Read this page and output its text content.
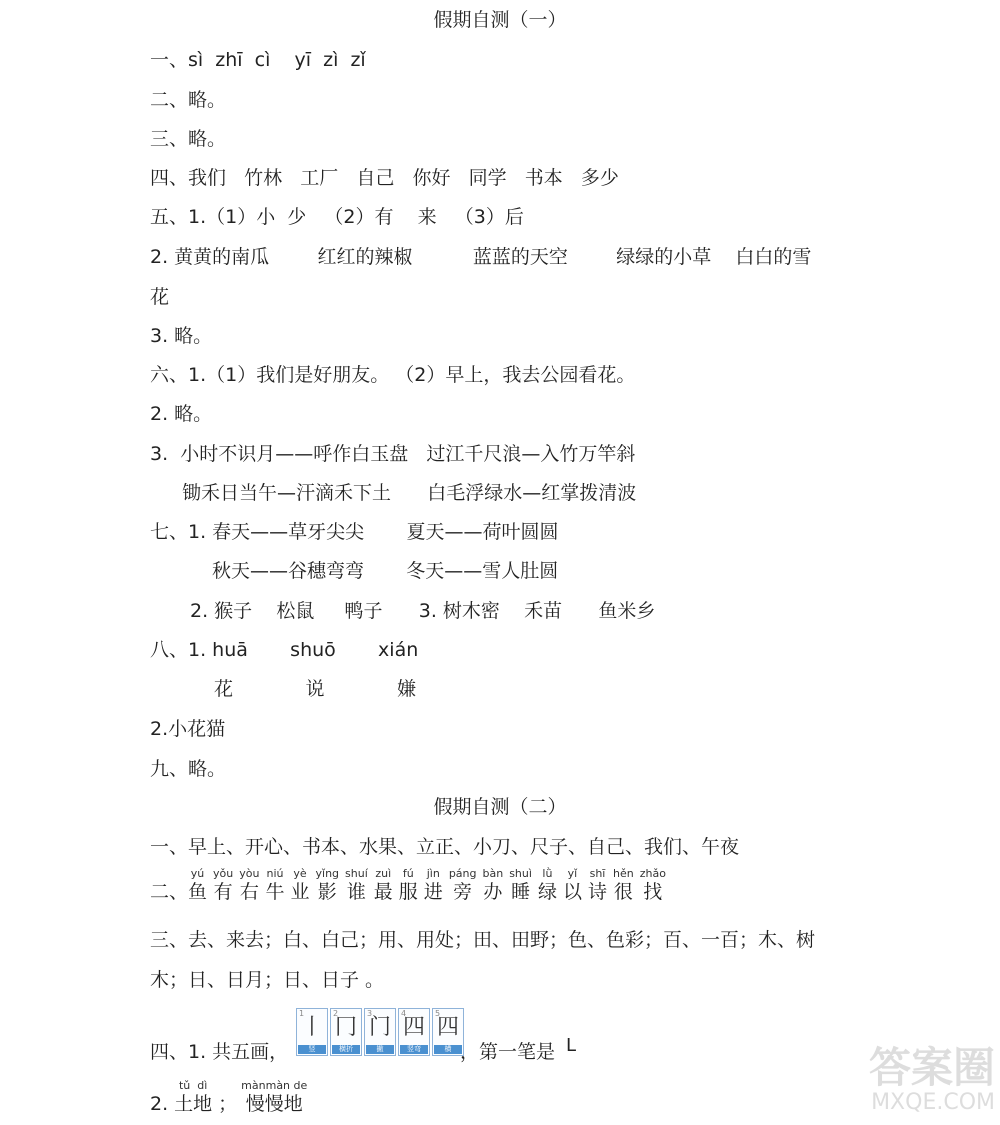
假期自测（一）
一、sì  zhī  cì    yī  zì  zǐ
二、略。
三、略。
四、我们   竹林   工厂   自己   你好   同学   书本   多少
五、1.（1）小  少   （2）有    来   （3）后
2. 黄黄的南瓜        红红的辣椒          蓝蓝的天空        绿绿的小草    白白的雪
花
3. 略。
六、1.（1）我们是好朋友。 （2）早上，我去公园看花。
2. 略。
3.  小时不识月——呼作白玉盘   过江千尺浪—入竹万竿斜
锄禾日当午—汗滴禾下土      白毛浮绿水—红掌拨清波
七、1. 春天——草牙尖尖       夏天——荷叶圆圆
秋天——谷穗弯弯       冬天——雪人肚圆
2. 猴子    松鼠     鸭子      3. 树木密    禾苗      鱼米乡
八、1. huā       shuō       xián
花            说            嫌
2.小花猫
九、略。
假期自测（二）
一、早上、开心、书本、水果、立正、小刀、尺子、自己、我们、午夜
二、
yú
鱼
yǒu
有
yòu
右
niú
牛
yè
业
yǐng
影
shuí
谁
zuì
最
fú
服
jìn
进
páng
旁
bàn
办
shuì
睡
lǜ
绿
yǐ
以
shī
诗
hěn
很
zhǎo
找
三、去、来去；白、白己；用、用处；田、田野；色、色彩；百、一百；木、树
木；日、日月；日、日子 。
四、1. 共五画，
1
丨
竖
2
冂
横折
3
门
撇
4
四
竖弯
5
四
横 ，第一笔是 L
2.
tǔ  dì
土地 ；
mànmàn de
慢慢地
答案圈
MXQE.COM
